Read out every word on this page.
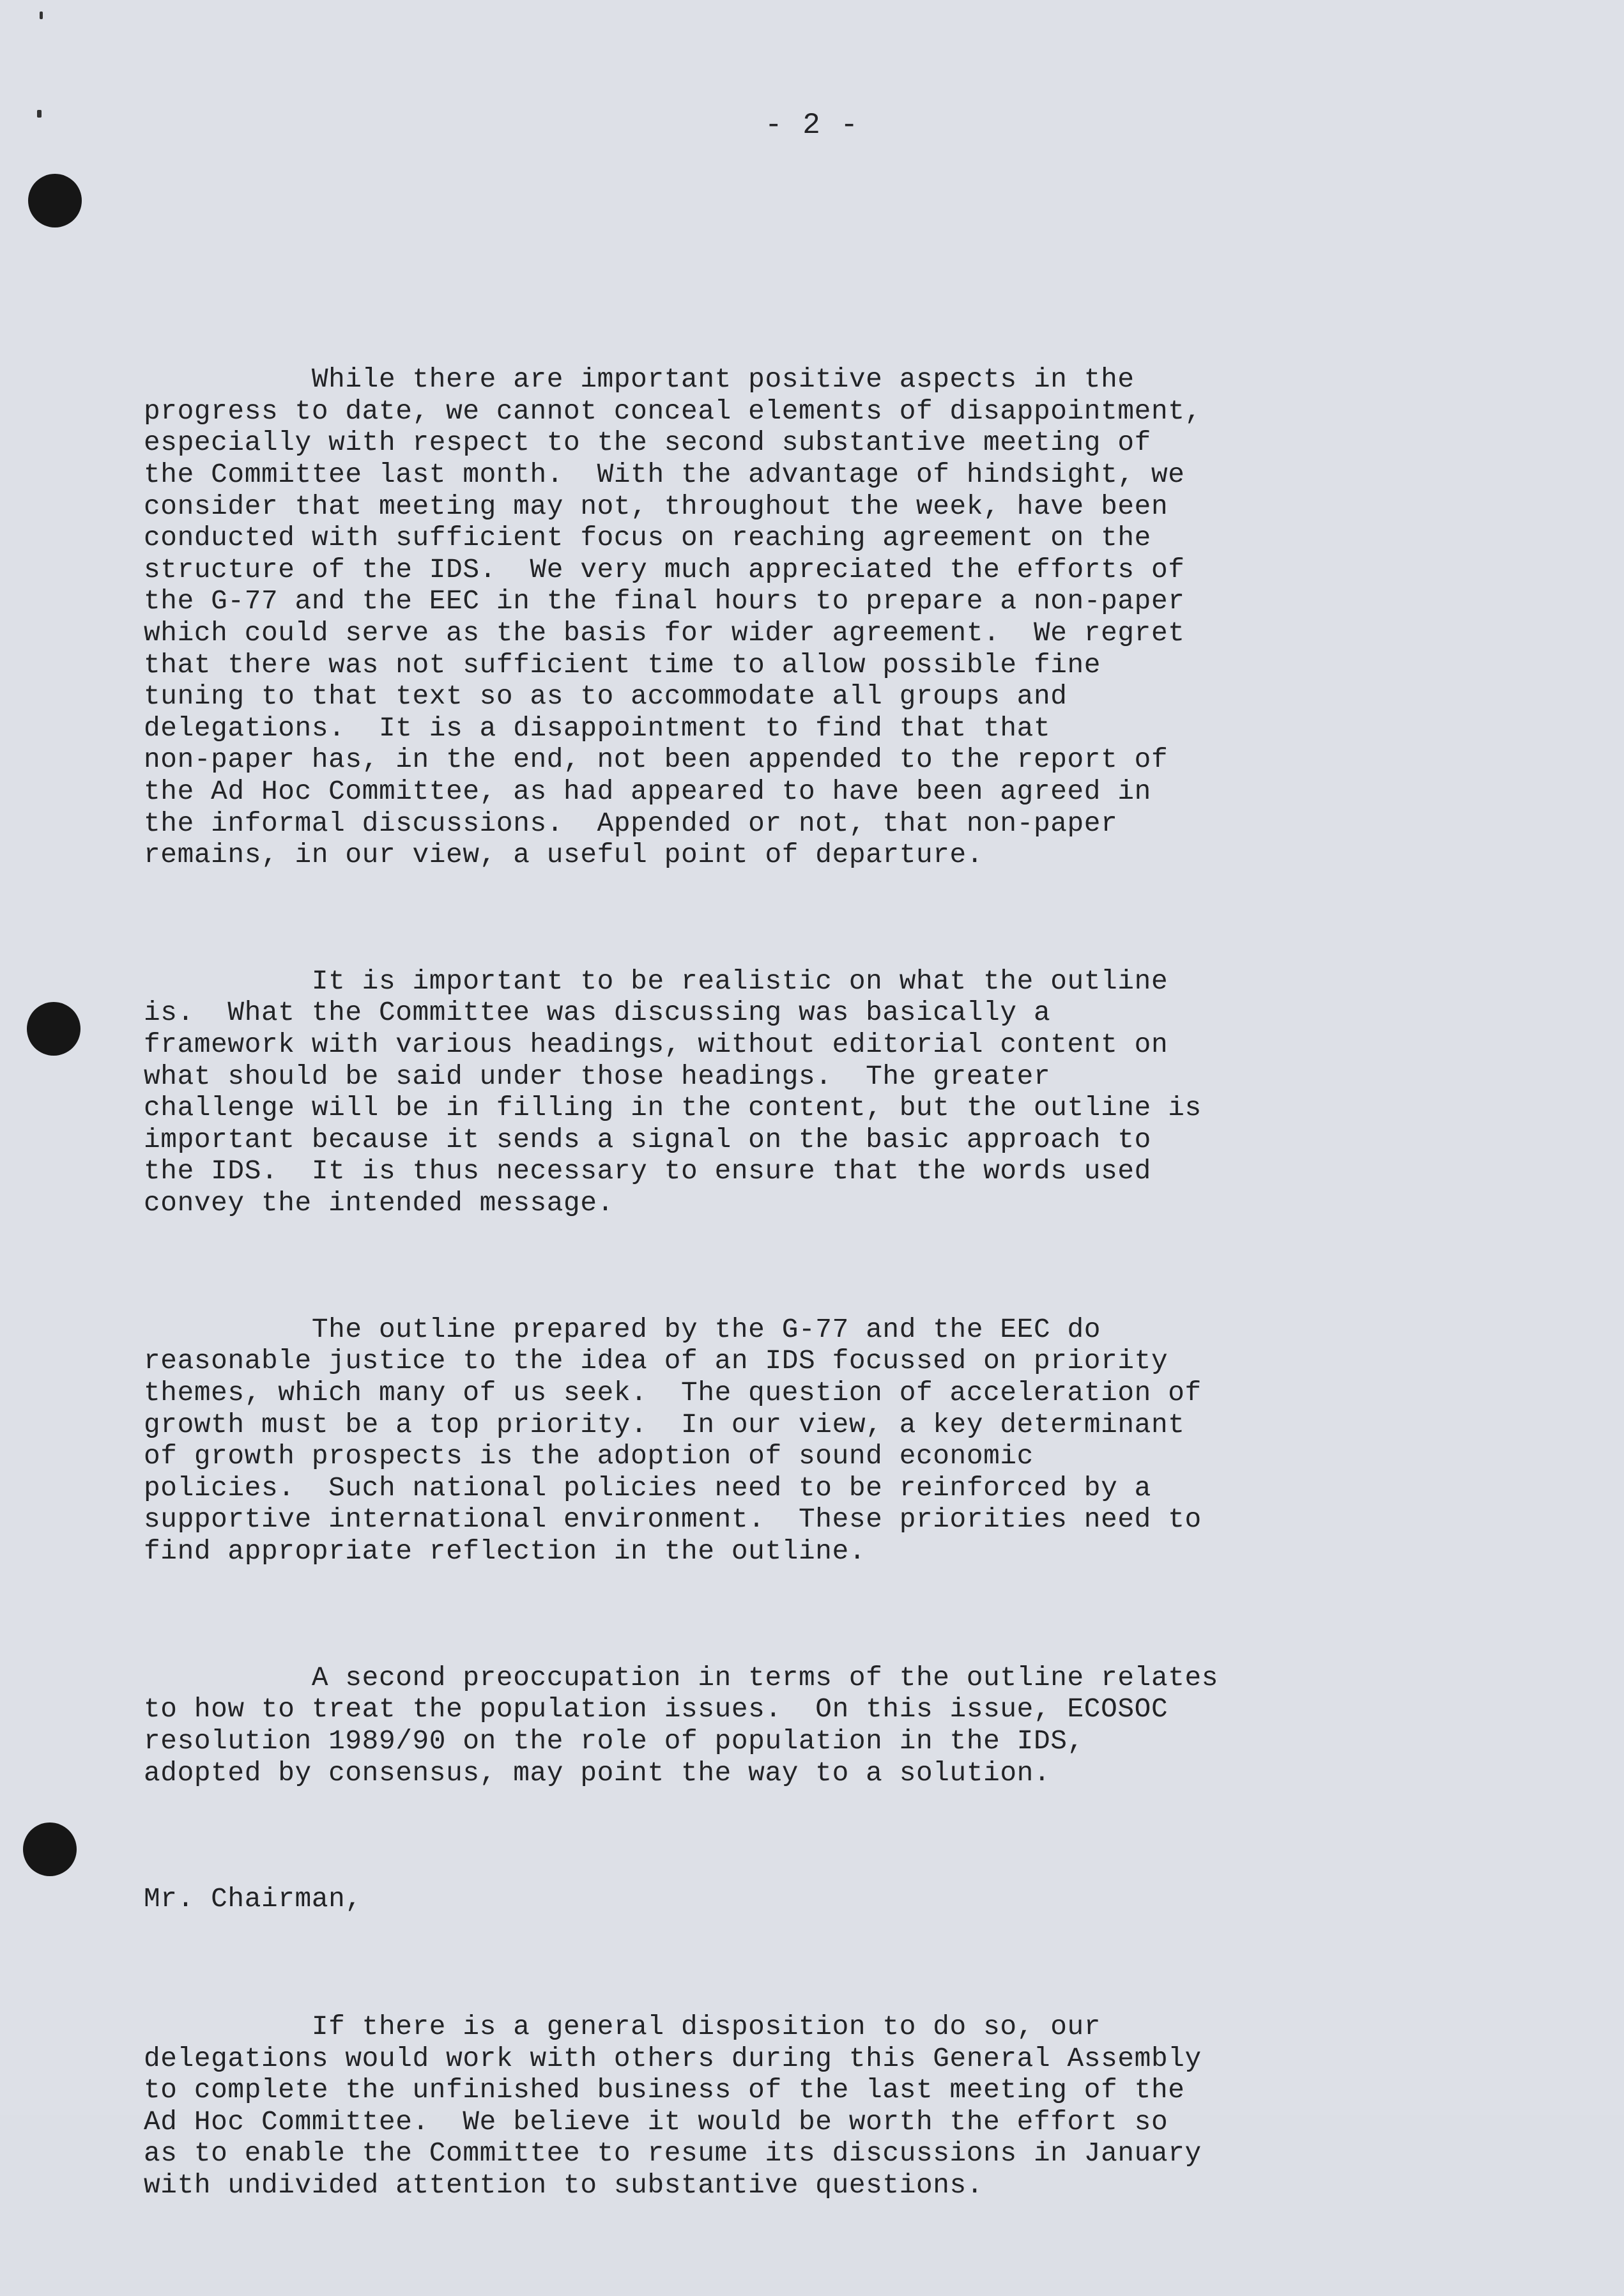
- 2 -

While there are important positive aspects in the
progress to date, we cannot conceal elements of disappointment,
especially with respect to the second substantive meeting of
the Committee last month.  With the advantage of hindsight, we
consider that meeting may not, throughout the week, have been
conducted with sufficient focus on reaching agreement on the
structure of the IDS.  We very much appreciated the efforts of
the G-77 and the EEC in the final hours to prepare a non-paper
which could serve as the basis for wider agreement.  We regret
that there was not sufficient time to allow possible fine
tuning to that text so as to accommodate all groups and
delegations.  It is a disappointment to find that that
non-paper has, in the end, not been appended to the report of
the Ad Hoc Committee, as had appeared to have been agreed in
the informal discussions.  Appended or not, that non-paper
remains, in our view, a useful point of departure.

It is important to be realistic on what the outline
is.  What the Committee was discussing was basically a
framework with various headings, without editorial content on
what should be said under those headings.  The greater
challenge will be in filling in the content, but the outline is
important because it sends a signal on the basic approach to
the IDS.  It is thus necessary to ensure that the words used
convey the intended message.

The outline prepared by the G-77 and the EEC do
reasonable justice to the idea of an IDS focussed on priority
themes, which many of us seek.  The question of acceleration of
growth must be a top priority.  In our view, a key determinant
of growth prospects is the adoption of sound economic
policies.  Such national policies need to be reinforced by a
supportive international environment.  These priorities need to
find appropriate reflection in the outline.

A second preoccupation in terms of the outline relates
to how to treat the population issues.  On this issue, ECOSOC
resolution 1989/90 on the role of population in the IDS,
adopted by consensus, may point the way to a solution.

Mr. Chairman,

If there is a general disposition to do so, our
delegations would work with others during this General Assembly
to complete the unfinished business of the last meeting of the
Ad Hoc Committee.  We believe it would be worth the effort so
as to enable the Committee to resume its discussions in January
with undivided attention to substantive questions.
